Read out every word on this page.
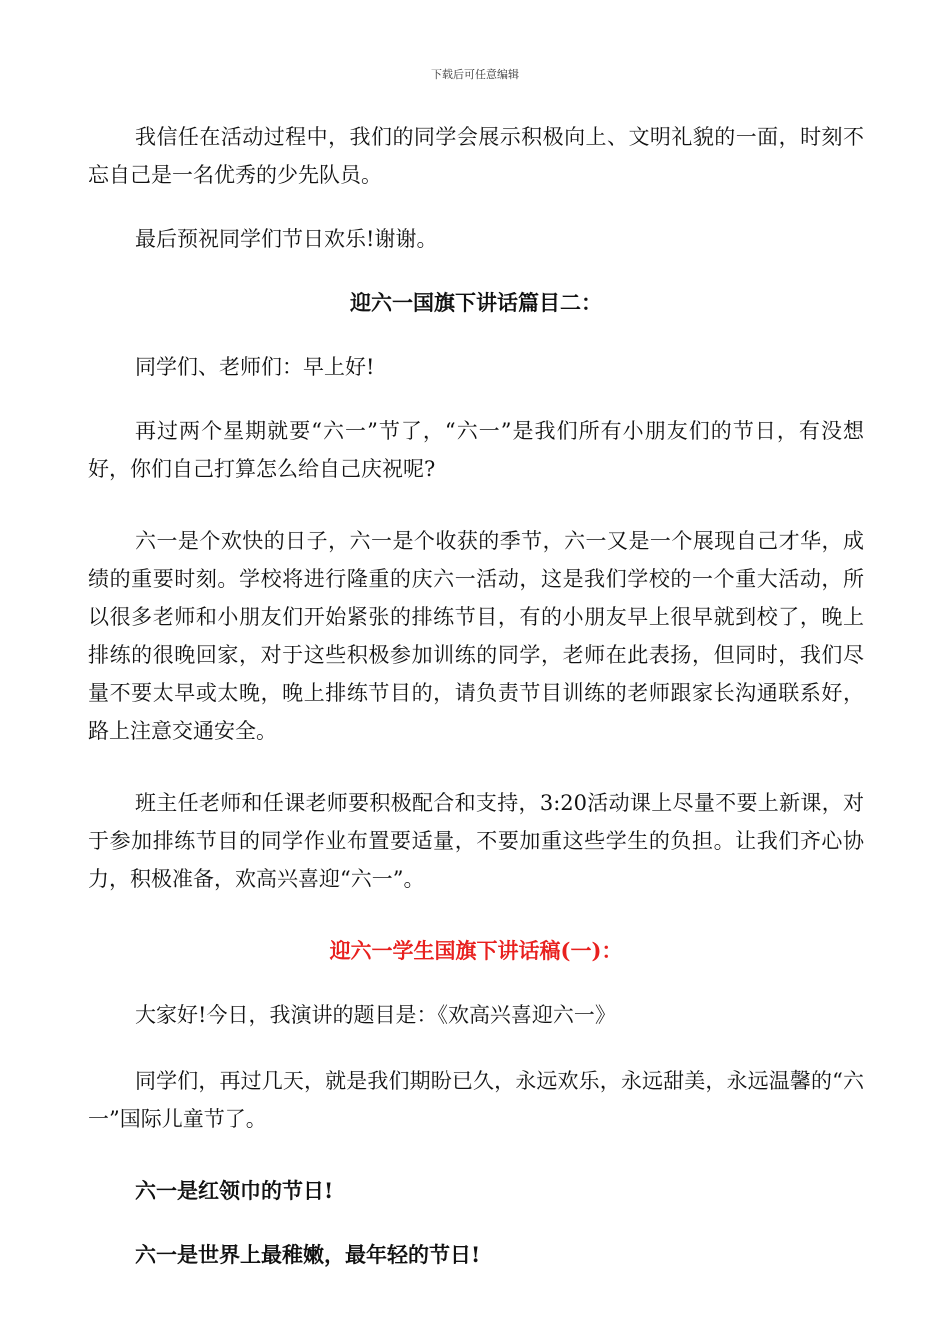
下载后可任意编辑

我信任在活动过程中，我们的同学会展示积极向上、文明礼貌的一面，时刻不忘自己是一名优秀的少先队员。

最后预祝同学们节日欢乐!谢谢。

迎六一国旗下讲话篇目二：

同学们、老师们：早上好!

再过两个星期就要“六一”节了，“六一”是我们所有小朋友们的节日，有没想好，你们自己打算怎么给自己庆祝呢?

六一是个欢快的日子，六一是个收获的季节，六一又是一个展现自己才华，成绩的重要时刻。学校将进行隆重的庆六一活动，这是我们学校的一个重大活动，所以很多老师和小朋友们开始紧张的排练节目，有的小朋友早上很早就到校了，晚上排练的很晚回家，对于这些积极参加训练的同学，老师在此表扬，但同时，我们尽量不要太早或太晚，晚上排练节目的，请负责节目训练的老师跟家长沟通联系好，路上注意交通安全。

班主任老师和任课老师要积极配合和支持，3:20活动课上尽量不要上新课，对于参加排练节目的同学作业布置要适量，不要加重这些学生的负担。让我们齐心协力，积极准备，欢高兴喜迎“六一”。

迎六一学生国旗下讲话稿(一)：

大家好!今日，我演讲的题目是：《欢高兴喜迎六一》

同学们，再过几天，就是我们期盼已久，永远欢乐，永远甜美，永远温馨的“六一”国际儿童节了。

六一是红领巾的节日!

六一是世界上最稚嫩，最年轻的节日!
